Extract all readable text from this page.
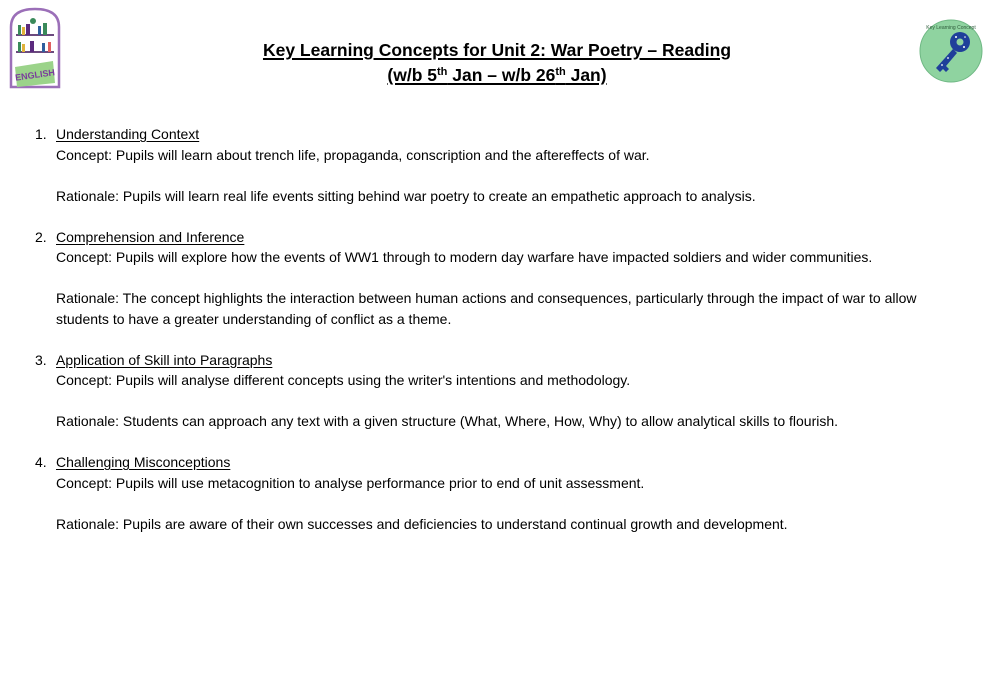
ENGLISH
Key Learning Concept
Key Learning Concepts for Unit 2: War Poetry – Reading
(w/b 5th Jan – w/b 26th Jan)
1. Understanding Context
Concept: Pupils will learn about trench life, propaganda, conscription and the aftereffects of war.
Rationale: Pupils will learn real life events sitting behind war poetry to create an empathetic approach to analysis.
2. Comprehension and Inference
Concept: Pupils will explore how the events of WW1 through to modern day warfare have impacted soldiers and wider communities.
Rationale: The concept highlights the interaction between human actions and consequences, particularly through the impact of war to allow students to have a greater understanding of conflict as a theme.
3. Application of Skill into Paragraphs
Concept: Pupils will analyse different concepts using the writer's intentions and methodology.
Rationale: Students can approach any text with a given structure (What, Where, How, Why) to allow analytical skills to flourish.
4. Challenging Misconceptions
Concept: Pupils will use metacognition to analyse performance prior to end of unit assessment.
Rationale: Pupils are aware of their own successes and deficiencies to understand continual growth and development.
